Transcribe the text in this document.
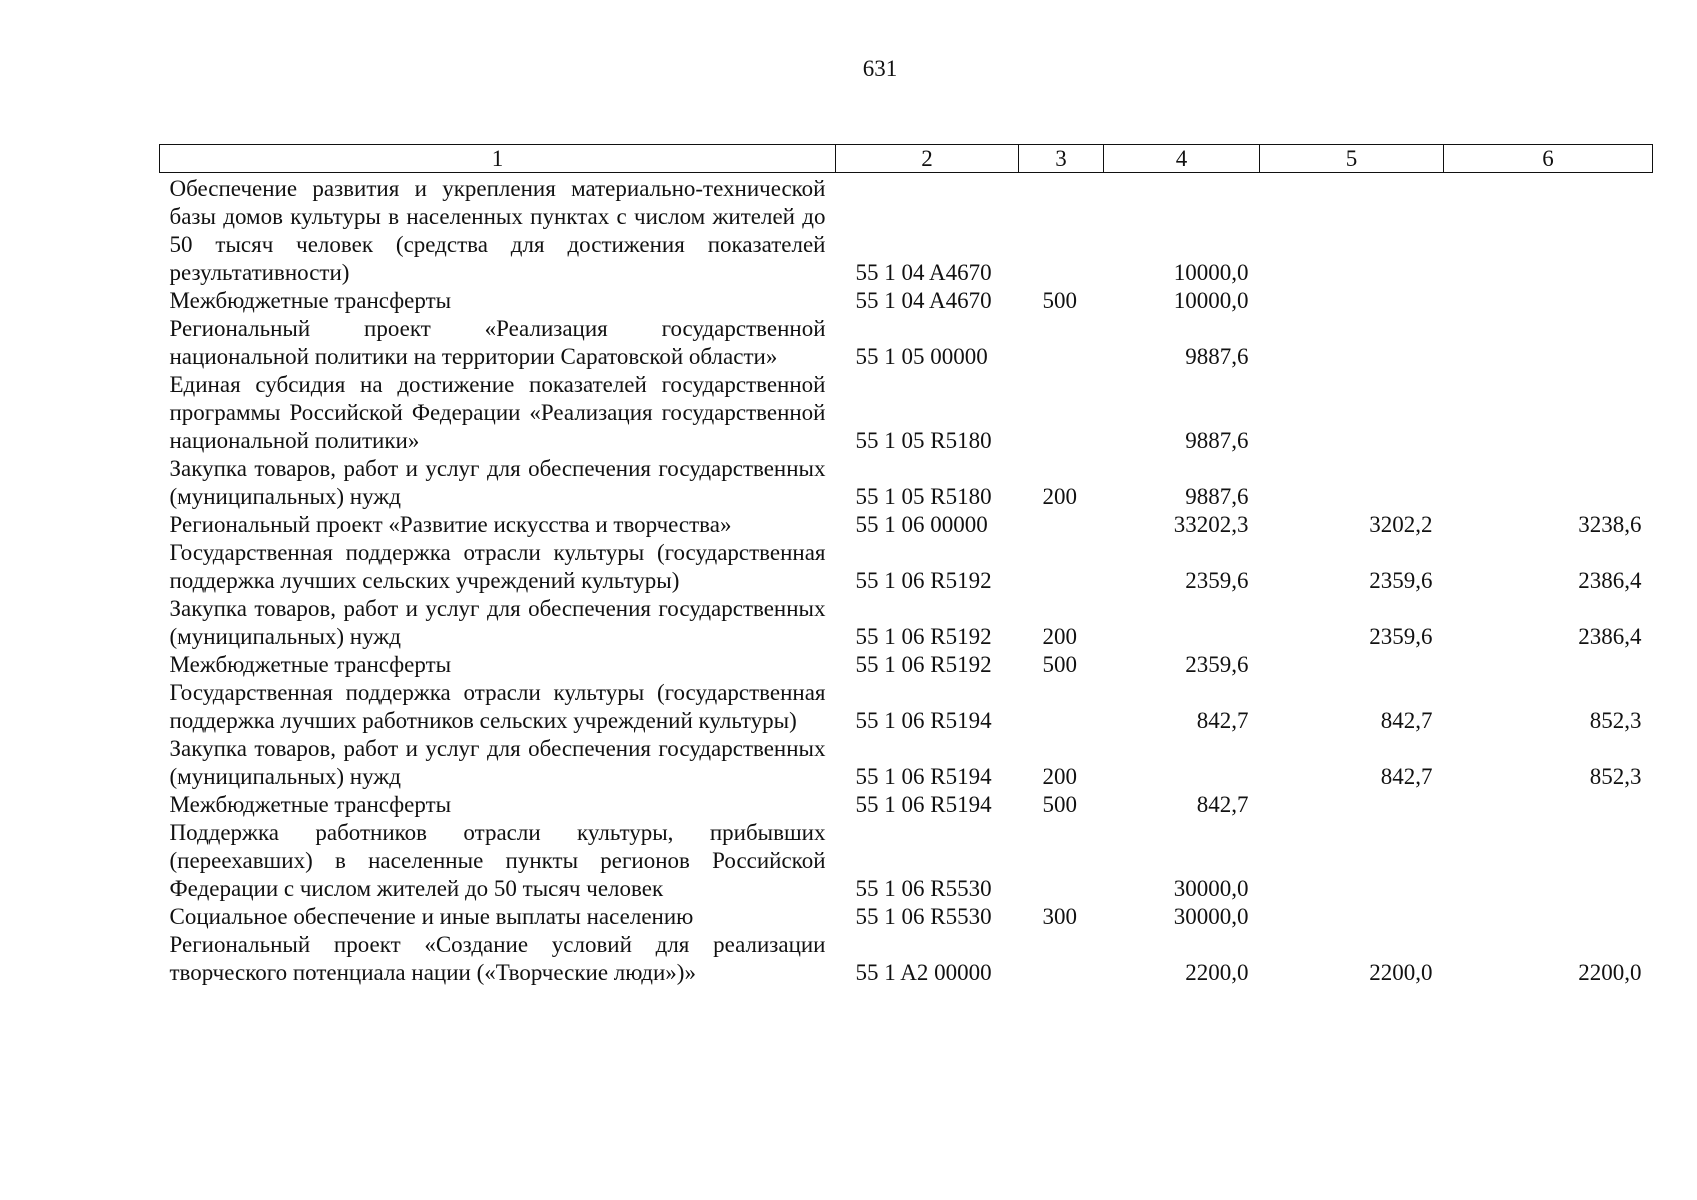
631
1	2	3	4	5	6
Обеспечение развития и укрепления материально-технической базы домов культуры в населенных пунктах с числом жителей до 50 тысяч человек (средства для достижения показателей результативности)	55 1 04 A4670		10000,0		
Межбюджетные трансферты	55 1 04 A4670	500	10000,0		
Региональный проект «Реализация государственной национальной политики на территории Саратовской области»	55 1 05 00000		9887,6		
Единая субсидия на достижение показателей государственной программы Российской Федерации «Реализация государственной национальной политики»	55 1 05 R5180		9887,6		
Закупка товаров, работ и услуг для обеспечения государственных (муниципальных) нужд	55 1 05 R5180	200	9887,6		
Региональный проект «Развитие искусства и творчества»	55 1 06 00000		33202,3	3202,2	3238,6
Государственная поддержка отрасли культуры (государственная поддержка лучших сельских учреждений культуры)	55 1 06 R5192		2359,6	2359,6	2386,4
Закупка товаров, работ и услуг для обеспечения государственных (муниципальных) нужд	55 1 06 R5192	200		2359,6	2386,4
Межбюджетные трансферты	55 1 06 R5192	500	2359,6		
Государственная поддержка отрасли культуры (государственная поддержка лучших работников сельских учреждений культуры)	55 1 06 R5194		842,7	842,7	852,3
Закупка товаров, работ и услуг для обеспечения государственных (муниципальных) нужд	55 1 06 R5194	200		842,7	852,3
Межбюджетные трансферты	55 1 06 R5194	500	842,7		
Поддержка работников отрасли культуры, прибывших (переехавших) в населенные пункты регионов Российской Федерации с числом жителей до 50 тысяч человек	55 1 06 R5530		30000,0		
Социальное обеспечение и иные выплаты населению	55 1 06 R5530	300	30000,0		
Региональный проект «Создание условий для реализации творческого потенциала нации («Творческие люди»)»	55 1 A2 00000		2200,0	2200,0	2200,0
